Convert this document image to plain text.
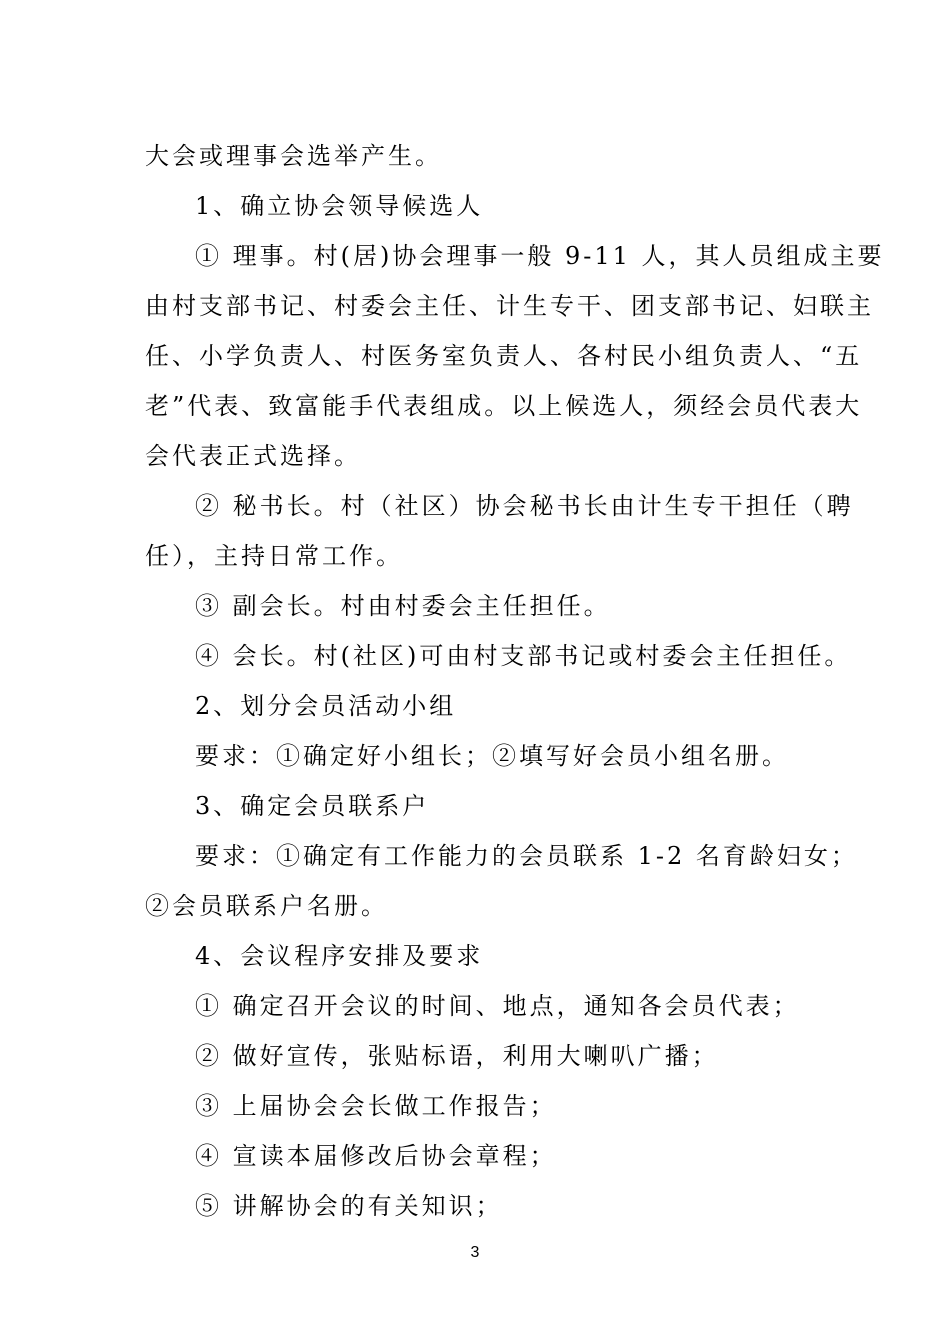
大会或理事会选举产生。

1、确立协会领导候选人

① 理事。村(居)协会理事一般 9-11 人，其人员组成主要

由村支部书记、村委会主任、计生专干、团支部书记、妇联主

任、小学负责人、村医务室负责人、各村民小组负责人、“五

老”代表、致富能手代表组成。以上候选人，须经会员代表大

会代表正式选择。

② 秘书长。村（社区）协会秘书长由计生专干担任（聘

任），主持日常工作。

③ 副会长。村由村委会主任担任。

④ 会长。村(社区)可由村支部书记或村委会主任担任。

2、划分会员活动小组

要求：①确定好小组长；②填写好会员小组名册。

3、确定会员联系户

要求：①确定有工作能力的会员联系 1-2 名育龄妇女；

②会员联系户名册。

4、会议程序安排及要求

① 确定召开会议的时间、地点，通知各会员代表；

② 做好宣传，张贴标语，利用大喇叭广播；

③ 上届协会会长做工作报告；

④ 宣读本届修改后协会章程；

⑤ 讲解协会的有关知识；

3
